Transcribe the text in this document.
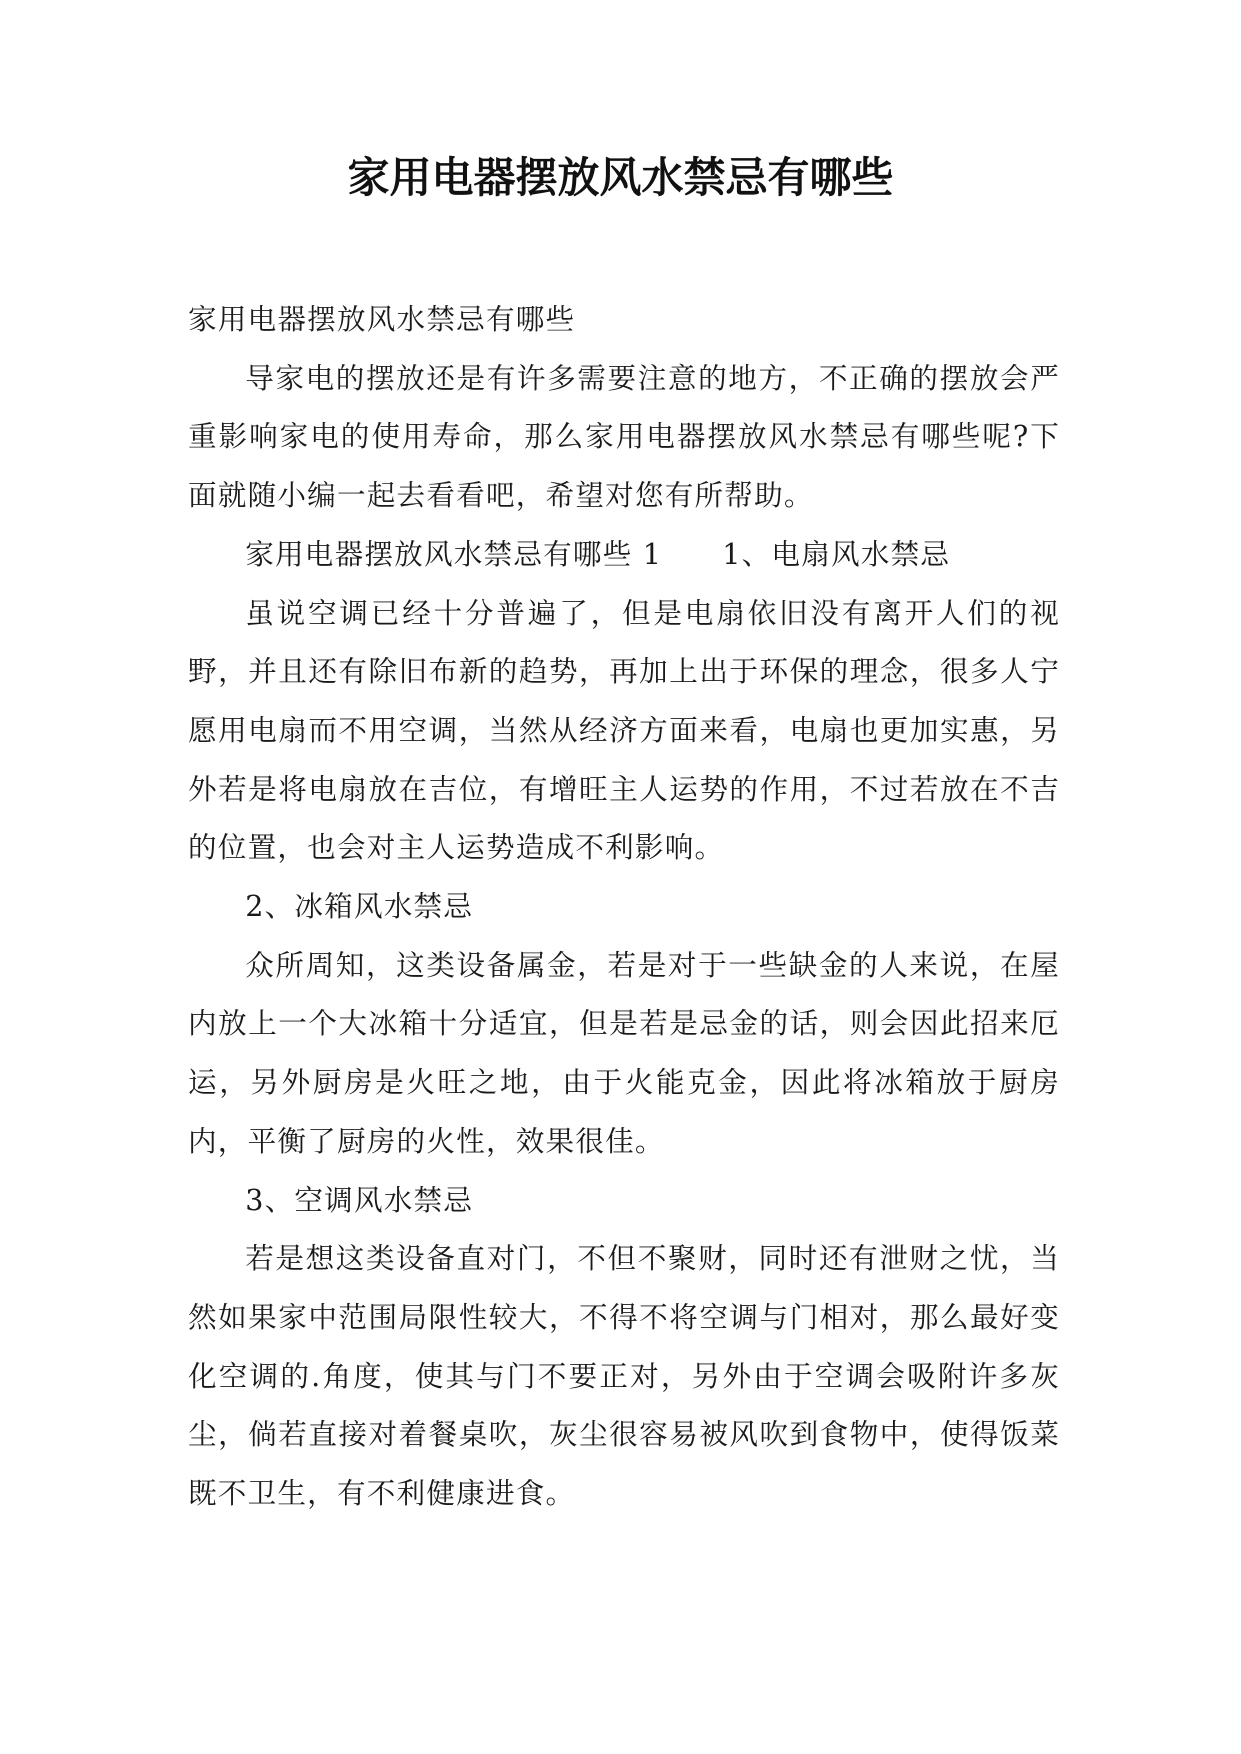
家用电器摆放风水禁忌有哪些

家用电器摆放风水禁忌有哪些

导家电的摆放还是有许多需要注意的地方，不正确的摆放会严重影响家电的使用寿命，那么家用电器摆放风水禁忌有哪些呢?下面就随小编一起去看看吧，希望对您有所帮助。

家用电器摆放风水禁忌有哪些 1 1、电扇风水禁忌

虽说空调已经十分普遍了，但是电扇依旧没有离开人们的视野，并且还有除旧布新的趋势，再加上出于环保的理念，很多人宁愿用电扇而不用空调，当然从经济方面来看，电扇也更加实惠，另外若是将电扇放在吉位，有增旺主人运势的作用，不过若放在不吉的位置，也会对主人运势造成不利影响。

2、冰箱风水禁忌

众所周知，这类设备属金，若是对于一些缺金的人来说，在屋内放上一个大冰箱十分适宜，但是若是忌金的话，则会因此招来厄运，另外厨房是火旺之地，由于火能克金，因此将冰箱放于厨房内，平衡了厨房的火性，效果很佳。

3、空调风水禁忌

若是想这类设备直对门，不但不聚财，同时还有泄财之忧，当然如果家中范围局限性较大，不得不将空调与门相对，那么最好变化空调的.角度，使其与门不要正对，另外由于空调会吸附许多灰尘，倘若直接对着餐桌吹，灰尘很容易被风吹到食物中，使得饭菜既不卫生，有不利健康进食。
